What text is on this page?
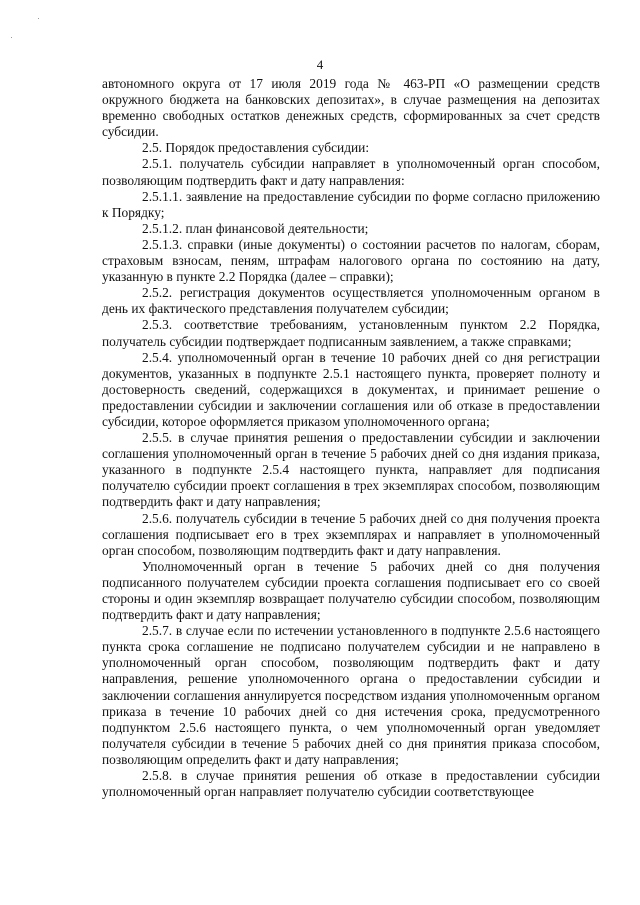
4

автономного округа от 17 июля 2019 года № 463-РП «О размещении средств окружного бюджета на банковских депозитах», в случае размещения на депозитах временно свободных остатков денежных средств, сформированных за счет средств субсидии.

2.5. Порядок предоставления субсидии:

2.5.1. получатель субсидии направляет в уполномоченный орган способом, позволяющим подтвердить факт и дату направления:

2.5.1.1. заявление на предоставление субсидии по форме согласно приложению к Порядку;

2.5.1.2. план финансовой деятельности;

2.5.1.3. справки (иные документы) о состоянии расчетов по налогам, сборам, страховым взносам, пеням, штрафам налогового органа по состоянию на дату, указанную в пункте 2.2 Порядка (далее – справки);

2.5.2. регистрация документов осуществляется уполномоченным органом в день их фактического представления получателем субсидии;

2.5.3. соответствие требованиям, установленным пунктом 2.2 Порядка, получатель субсидии подтверждает подписанным заявлением, а также справками;

2.5.4. уполномоченный орган в течение 10 рабочих дней со дня регистрации документов, указанных в подпункте 2.5.1 настоящего пункта, проверяет полноту и достоверность сведений, содержащихся в документах, и принимает решение о предоставлении субсидии и заключении соглашения или об отказе в предоставлении субсидии, которое оформляется приказом уполномоченного органа;

2.5.5. в случае принятия решения о предоставлении субсидии и заключении соглашения уполномоченный орган в течение 5 рабочих дней со дня издания приказа, указанного в подпункте 2.5.4 настоящего пункта, направляет для подписания получателю субсидии проект соглашения в трех экземплярах способом, позволяющим подтвердить факт и дату направления;

2.5.6. получатель субсидии в течение 5 рабочих дней со дня получения проекта соглашения подписывает его в трех экземплярах и направляет в уполномоченный орган способом, позволяющим подтвердить факт и дату направления.

Уполномоченный орган в течение 5 рабочих дней со дня получения подписанного получателем субсидии проекта соглашения подписывает его со своей стороны и один экземпляр возвращает получателю субсидии способом, позволяющим подтвердить факт и дату направления;

2.5.7. в случае если по истечении установленного в подпункте 2.5.6 настоящего пункта срока соглашение не подписано получателем субсидии и не направлено в уполномоченный орган способом, позволяющим подтвердить факт и дату направления, решение уполномоченного органа о предоставлении субсидии и заключении соглашения аннулируется посредством издания уполномоченным органом приказа в течение 10 рабочих дней со дня истечения срока, предусмотренного подпунктом 2.5.6 настоящего пункта, о чем уполномоченный орган уведомляет получателя субсидии в течение 5 рабочих дней со дня принятия приказа способом, позволяющим определить факт и дату направления;

2.5.8. в случае принятия решения об отказе в предоставлении субсидии уполномоченный орган направляет получателю субсидии соответствующее
